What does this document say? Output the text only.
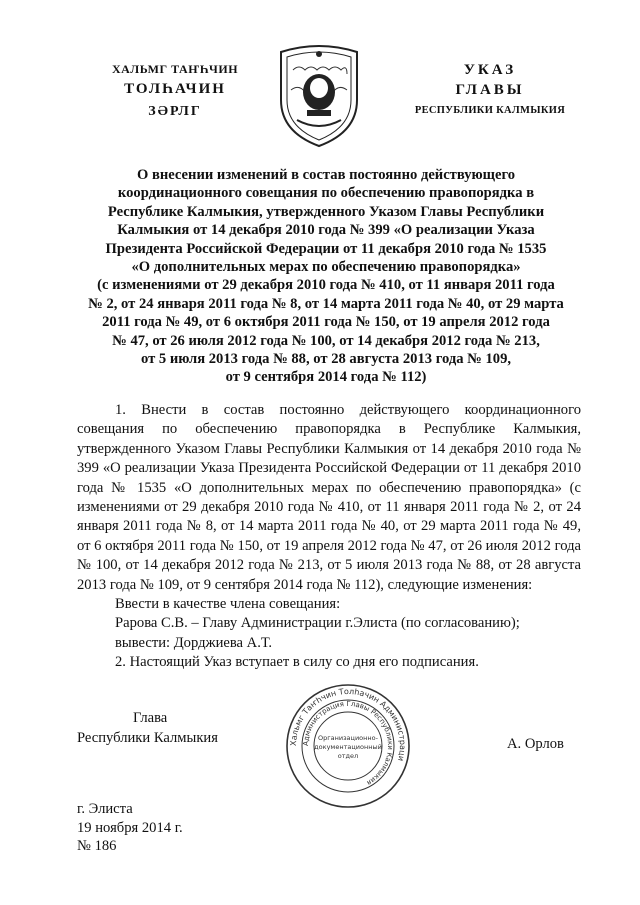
ХАЛЬМГ ТАҤҺЧИН
ТОЛҺАЧИН
ЗӘРЛГ
УКАЗ
ГЛАВЫ
РЕСПУБЛИКИ КАЛМЫКИЯ
О внесении изменений в состав постоянно действующего
координационного совещания по обеспечению правопорядка в
Республике Калмыкия, утвержденного Указом Главы Республики
Калмыкия от 14 декабря 2010 года № 399 «О реализации Указа
Президента Российской Федерации от 11 декабря 2010 года № 1535
«О дополнительных мерах по обеспечению правопорядка»
(с изменениями от 29 декабря 2010 года № 410, от 11 января 2011 года
№ 2, от 24 января 2011 года № 8, от 14 марта 2011 года № 40, от 29 марта
2011 года № 49, от 6 октября 2011 года № 150, от 19 апреля 2012 года
№ 47, от 26 июля 2012 года № 100, от 14 декабря 2012 года № 213,
от 5 июля 2013 года № 88, от 28 августа 2013 года № 109,
от 9 сентября 2014 года № 112)

1. Внести в состав постоянно действующего координационного совещания по обеспечению правопорядка в Республике Калмыкия, утвержденного Указом Главы Республики Калмыкия от 14 декабря 2010 года № 399 «О реализации Указа Президента Российской Федерации от 11 декабря 2010 года № 1535 «О дополнительных мерах по обеспечению правопорядка» (с изменениями от 29 декабря 2010 года № 410, от 11 января 2011 года № 2, от 24 января 2011 года № 8, от 14 марта 2011 года № 40, от 29 марта 2011 года № 49, от 6 октября 2011 года № 150, от 19 апреля 2012 года № 47, от 26 июля 2012 года № 100, от 14 декабря 2012 года № 213, от 5 июля 2013 года № 88, от 28 августа 2013 года № 109, от 9 сентября 2014 года № 112), следующие изменения:

Ввести в качестве члена совещания:

Рарова С.В. – Главу Администрации г.Элиста (по согласованию);

вывести: Дорджиева А.Т.

2. Настоящий Указ вступает в силу со дня его подписания.

Глава
Республики Калмыкия	Хальмг Таҥһчин Толһачин Администраци
Администрация Главы Республики Калмыкия
Организационно-
документационный
отдел
А. Орлов
г. Элиста
19 ноября 2014 г.
№ 186
